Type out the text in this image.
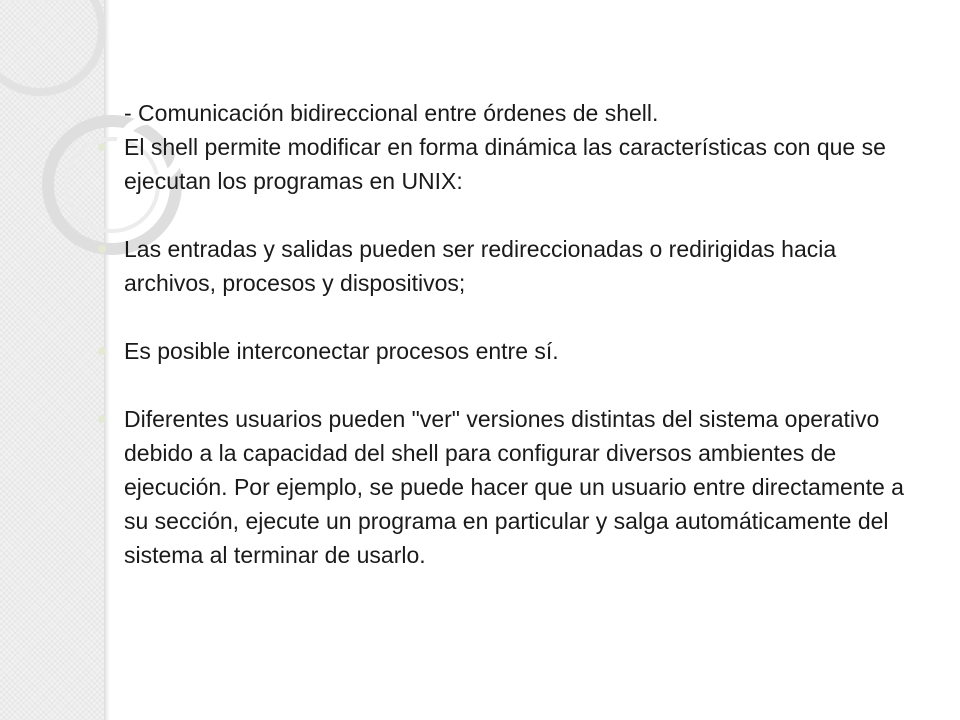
- Comunicación bidireccional entre órdenes de shell.

El shell permite modificar en forma dinámica las características con que se ejecutan los programas en UNIX:

Las entradas y salidas pueden ser redireccionadas o redirigidas hacia archivos, procesos y dispositivos;

Es posible interconectar procesos entre sí.

Diferentes usuarios pueden "ver" versiones distintas del sistema operativo debido a la capacidad del shell para configurar diversos ambientes de ejecución. Por ejemplo, se puede hacer que un usuario entre directamente a su sección, ejecute un programa en particular y salga automáticamente del sistema al terminar de usarlo.
